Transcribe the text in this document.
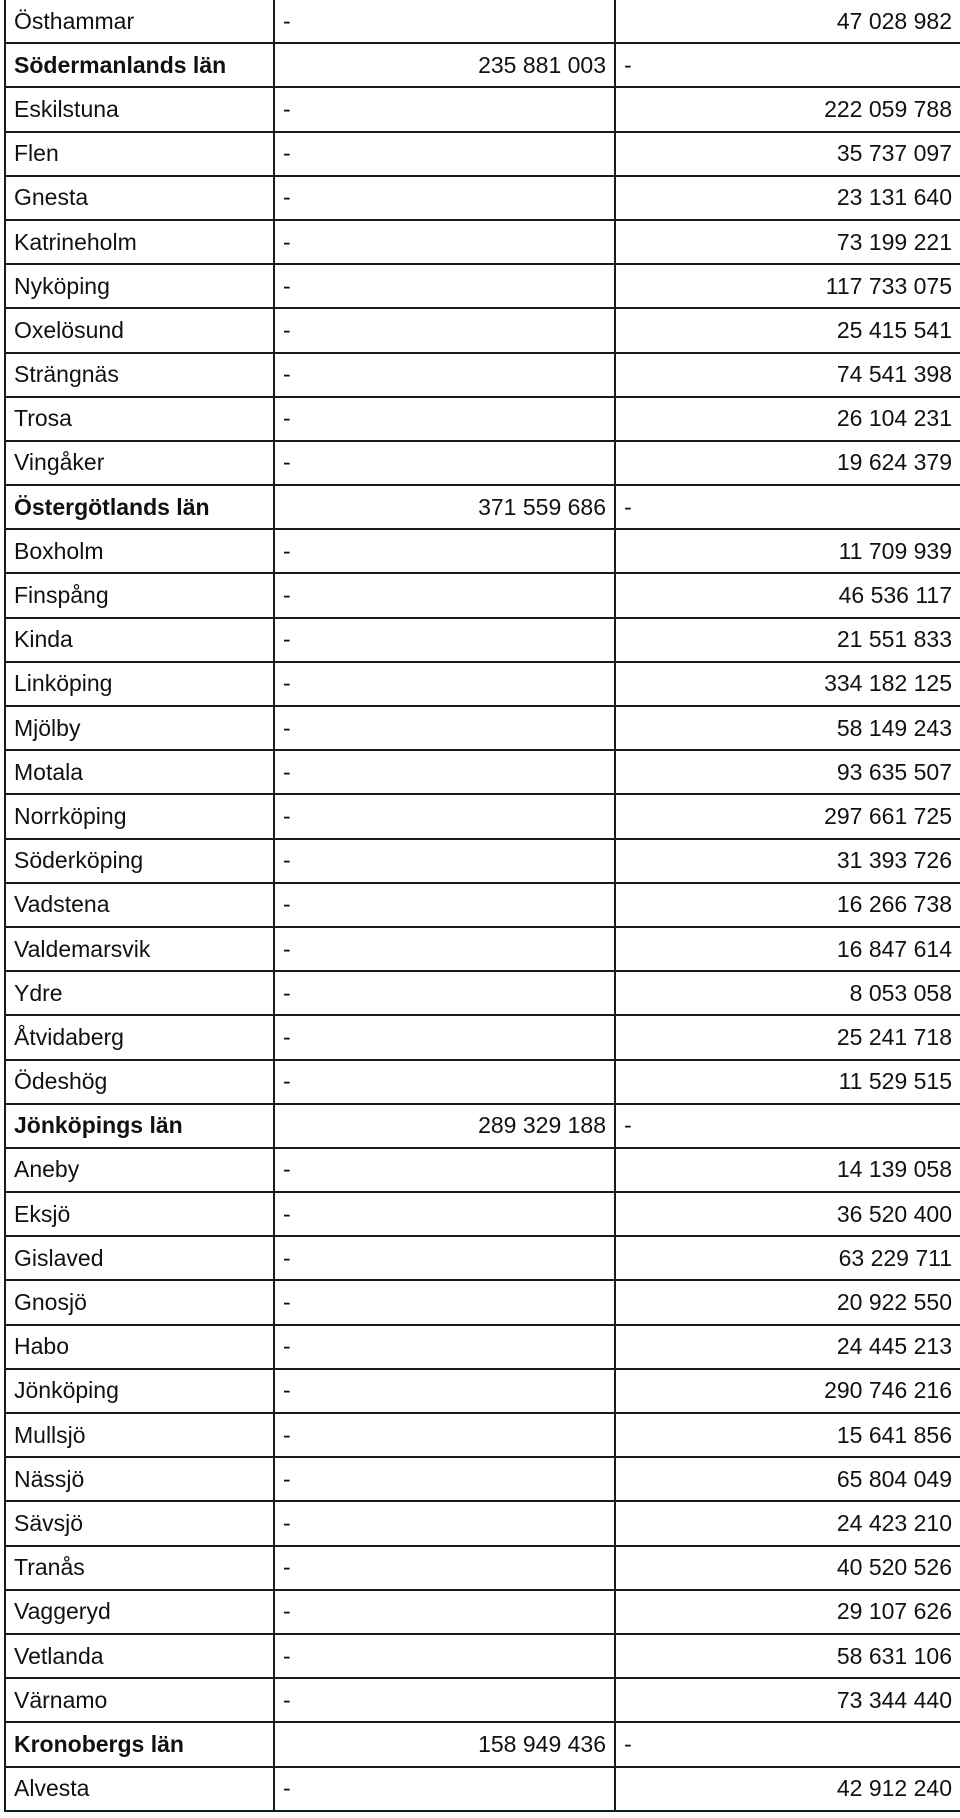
Östhammar	-	47 028 982
Södermanlands län	235 881 003	-
Eskilstuna	-	222 059 788
Flen	-	35 737 097
Gnesta	-	23 131 640
Katrineholm	-	73 199 221
Nyköping	-	117 733 075
Oxelösund	-	25 415 541
Strängnäs	-	74 541 398
Trosa	-	26 104 231
Vingåker	-	19 624 379
Östergötlands län	371 559 686	-
Boxholm	-	11 709 939
Finspång	-	46 536 117
Kinda	-	21 551 833
Linköping	-	334 182 125
Mjölby	-	58 149 243
Motala	-	93 635 507
Norrköping	-	297 661 725
Söderköping	-	31 393 726
Vadstena	-	16 266 738
Valdemarsvik	-	16 847 614
Ydre	-	8 053 058
Åtvidaberg	-	25 241 718
Ödeshög	-	11 529 515
Jönköpings län	289 329 188	-
Aneby	-	14 139 058
Eksjö	-	36 520 400
Gislaved	-	63 229 711
Gnosjö	-	20 922 550
Habo	-	24 445 213
Jönköping	-	290 746 216
Mullsjö	-	15 641 856
Nässjö	-	65 804 049
Sävsjö	-	24 423 210
Tranås	-	40 520 526
Vaggeryd	-	29 107 626
Vetlanda	-	58 631 106
Värnamo	-	73 344 440
Kronobergs län	158 949 436	-
Alvesta	-	42 912 240
